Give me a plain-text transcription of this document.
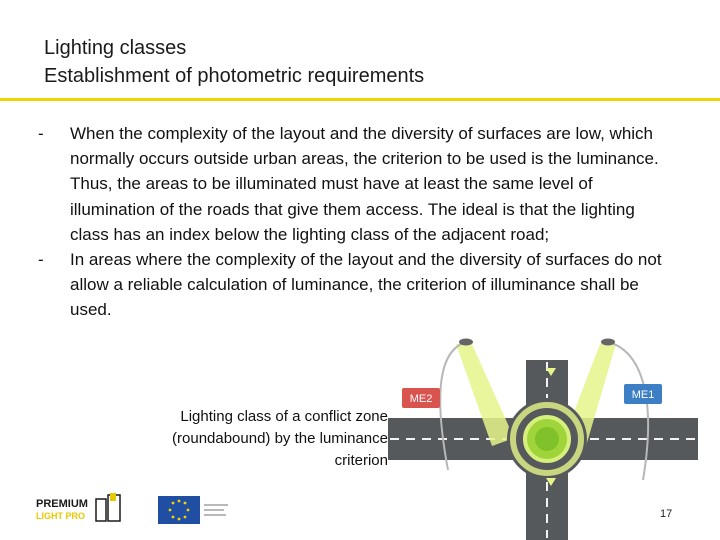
Lighting classes
Establishment of photometric requirements
- When the complexity of the layout and the diversity of surfaces are low, which normally occurs outside urban areas, the criterion to be used is the luminance. Thus, the areas to be illuminated must have at least the same level of illumination of the roads that give them access. The ideal is that the lighting class has an index below the lighting class of the adjacent road;
- In areas where the complexity of the layout and the diversity of surfaces do not allow a reliable calculation of luminance, the criterion of illuminance shall be used.
Lighting class of a conflict zone (roundabound) by the luminance criterion
ME2	ME1
PREMIUM
LIGHT PRO	17
